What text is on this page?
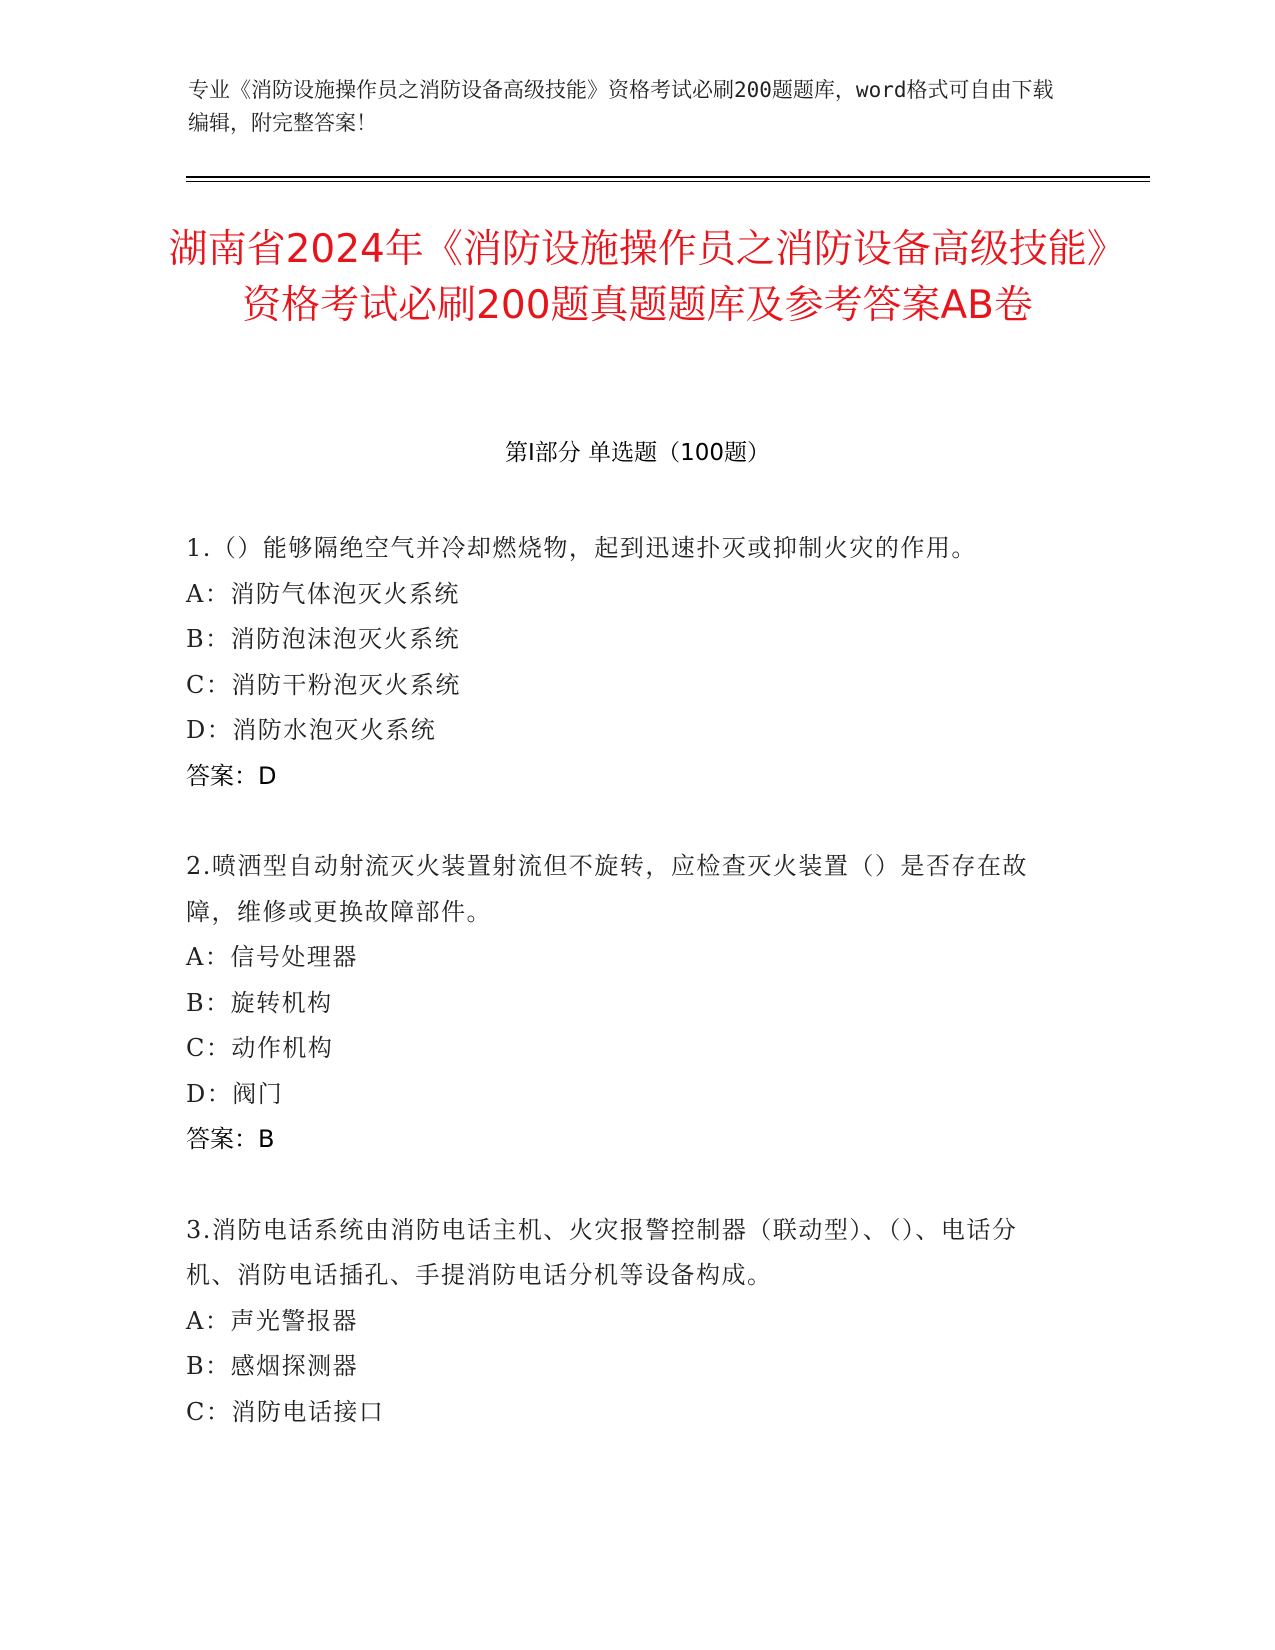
专业《消防设施操作员之消防设备高级技能》资格考试必刷200题题库，word格式可自由下载编辑，附完整答案！
湖南省2024年《消防设施操作员之消防设备高级技能》资格考试必刷200题真题题库及参考答案AB卷
第Ⅰ部分 单选题（100题）
1.（）能够隔绝空气并冷却燃烧物，起到迅速扑灭或抑制火灾的作用。
A：消防气体泡灭火系统
B：消防泡沫泡灭火系统
C：消防干粉泡灭火系统
D：消防水泡灭火系统
答案：D
2.喷洒型自动射流灭火装置射流但不旋转，应检查灭火装置（）是否存在故障，维修或更换故障部件。
A：信号处理器
B：旋转机构
C：动作机构
D：阀门
答案：B
3.消防电话系统由消防电话主机、火灾报警控制器（联动型）、（）、电话分机、消防电话插孔、手提消防电话分机等设备构成。
A：声光警报器
B：感烟探测器
C：消防电话接口
